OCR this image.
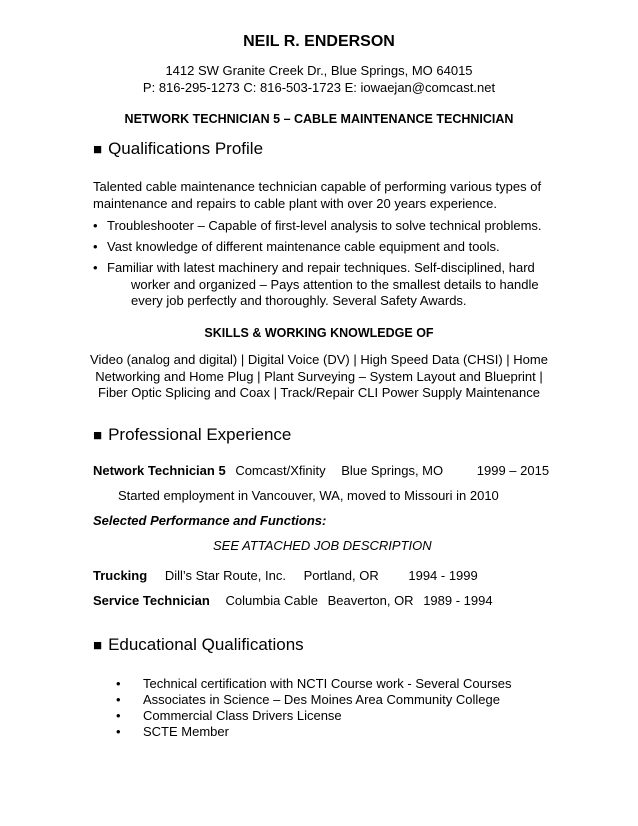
NEIL R. ENDERSON
1412 SW Granite Creek Dr., Blue Springs, MO 64015
P: 816-295-1273 C: 816-503-1723 E: iowaejan@comcast.net
NETWORK TECHNICIAN 5 – CABLE MAINTENANCE TECHNICIAN
■ Qualifications Profile
Talented cable maintenance technician capable of performing various types of
maintenance and repairs to cable plant with over 20 years experience.
• Troubleshooter – Capable of first-level analysis to solve technical problems.
• Vast knowledge of different maintenance cable equipment and tools.
• Familiar with latest machinery and repair techniques. Self-disciplined, hard
worker and organized – Pays attention to the smallest details to handle
every job perfectly and thoroughly. Several Safety Awards.
SKILLS & WORKING KNOWLEDGE OF
Video (analog and digital) | Digital Voice (DV) | High Speed Data (CHSI) | Home
Networking and Home Plug | Plant Surveying – System Layout and Blueprint |
Fiber Optic Splicing and Coax | Track/Repair CLI Power Supply Maintenance
■ Professional Experience
Network Technician 5 Comcast/Xfinity Blue Springs, MO	1999 – 2015
Started employment in Vancouver, WA, moved to Missouri in 2010
Selected Performance and Functions:
SEE ATTACHED JOB DESCRIPTION
Trucking Dill’s Star Route, Inc. Portland, OR 1994 - 1999
Service Technician Columbia Cable Beaverton, OR 1989 - 1994
■ Educational Qualifications
• Technical certification with NCTI Course work - Several Courses
• Associates in Science – Des Moines Area Community College
• Commercial Class Drivers License
• SCTE Member
